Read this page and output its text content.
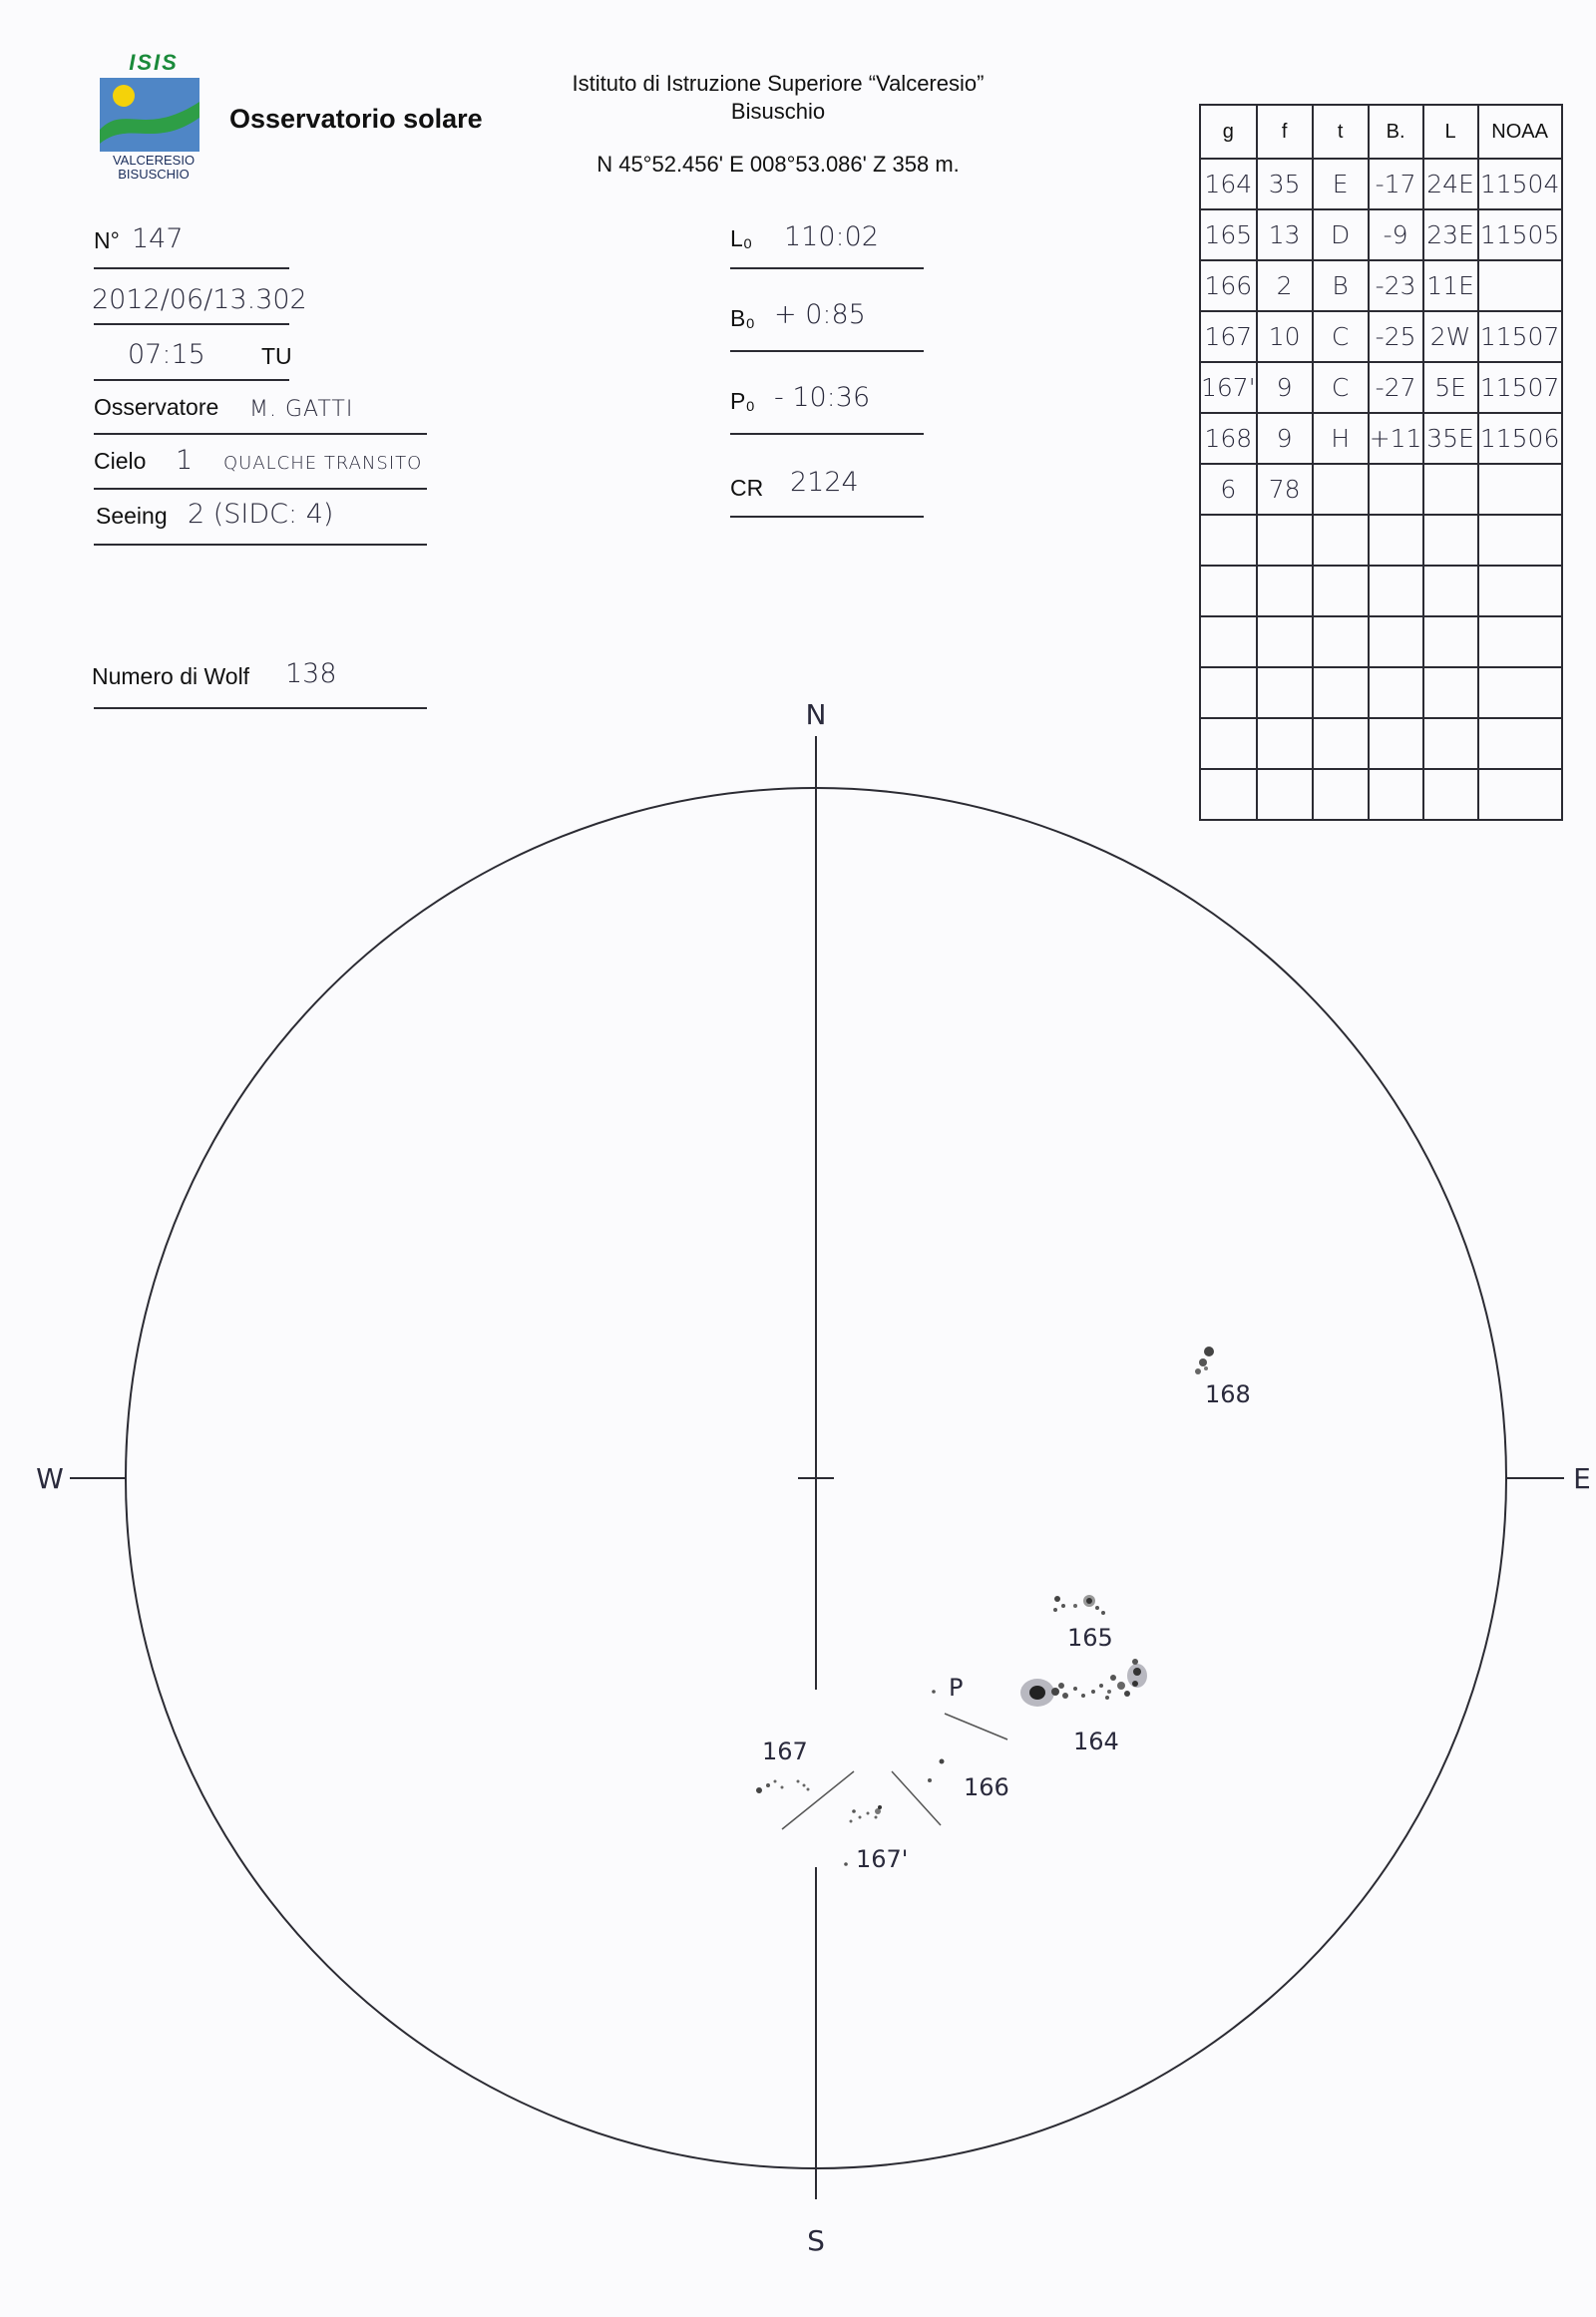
ISIS
VALCERESIO
BISUSCHIO
Osservatorio solare
Istituto di Istruzione Superiore “Valceresio”
Bisuschio
N 45°52.456' E 008°53.086' Z 358 m.
N° 147
2012/06/13.302
07:15 TU
Osservatore M. GATTI
Cielo 1 QUALCHE TRANSITO
Seeing 2 (SIDC: 4)
Numero di Wolf 138
L₀ 110:02
B₀ + 0:85
P₀ - 10:36
CR 2124
g	f	t	B.	L	NOAA
164	35	E	-17	24E	11504
165	13	D	-9	23E	11505
166	2	B	-23	11E	
167	10	C	-25	2W	11507
167'	9	C	-27	5E	11507
168	9	H	+11	35E	11506
6	78				

N
S
W	E
168
165
164
P
166
167
167'
